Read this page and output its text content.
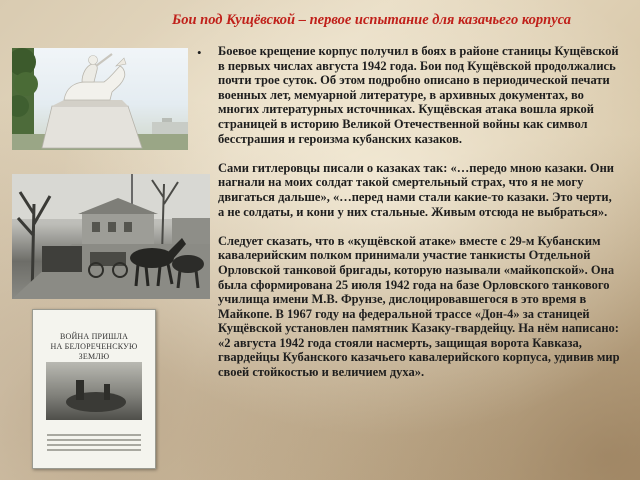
Бои под Кущёвской – первое испытание для казачьего корпуса
ВОЙНА ПРИШЛА
НА БЕЛОРЕЧЕНСКУЮ ЗЕМЛЮ
• Боевое крещение корпус получил в боях в районе станицы Кущёвской в первых числах августа 1942 года. Бои под Кущёвской продолжались почти трое суток. Об этом подробно описано в периодической печати военных лет, мемуарной литературе, в архивных документах, во многих литературных источниках. Кущёвская атака вошла яркой страницей в историю Великой Отечественной войны как символ бесстрашия и героизма кубанских казаков.

Сами гитлеровцы писали о казаках так: «…передо мною казаки. Они нагнали на моих солдат такой смертельный страх, что я не могу двигаться дальше», «…перед нами стали какие-то казаки. Это черти, а не солдаты, и кони у них стальные. Живым отсюда не выбраться».

Следует сказать, что в «кущёвской атаке» вместе с 29-м Кубанским кавалерийским полком принимали участие танкисты Отдельной Орловской танковой бригады, которую называли «майкопской». Она была сформирована 25 июля 1942 года на базе Орловского танкового училища имени М.В. Фрунзе, дислоцировавшегося в это время в Майкопе. В 1967 году на федеральной трассе «Дон-4» за станицей Кущёвской установлен памятник Казаку-гвардейцу. На нём написано: «2 августа 1942 года стояли насмерть, защищая ворота Кавказа, гвардейцы Кубанского казачьего кавалерийского корпуса, удивив мир своей стойкостью и величием духа».
